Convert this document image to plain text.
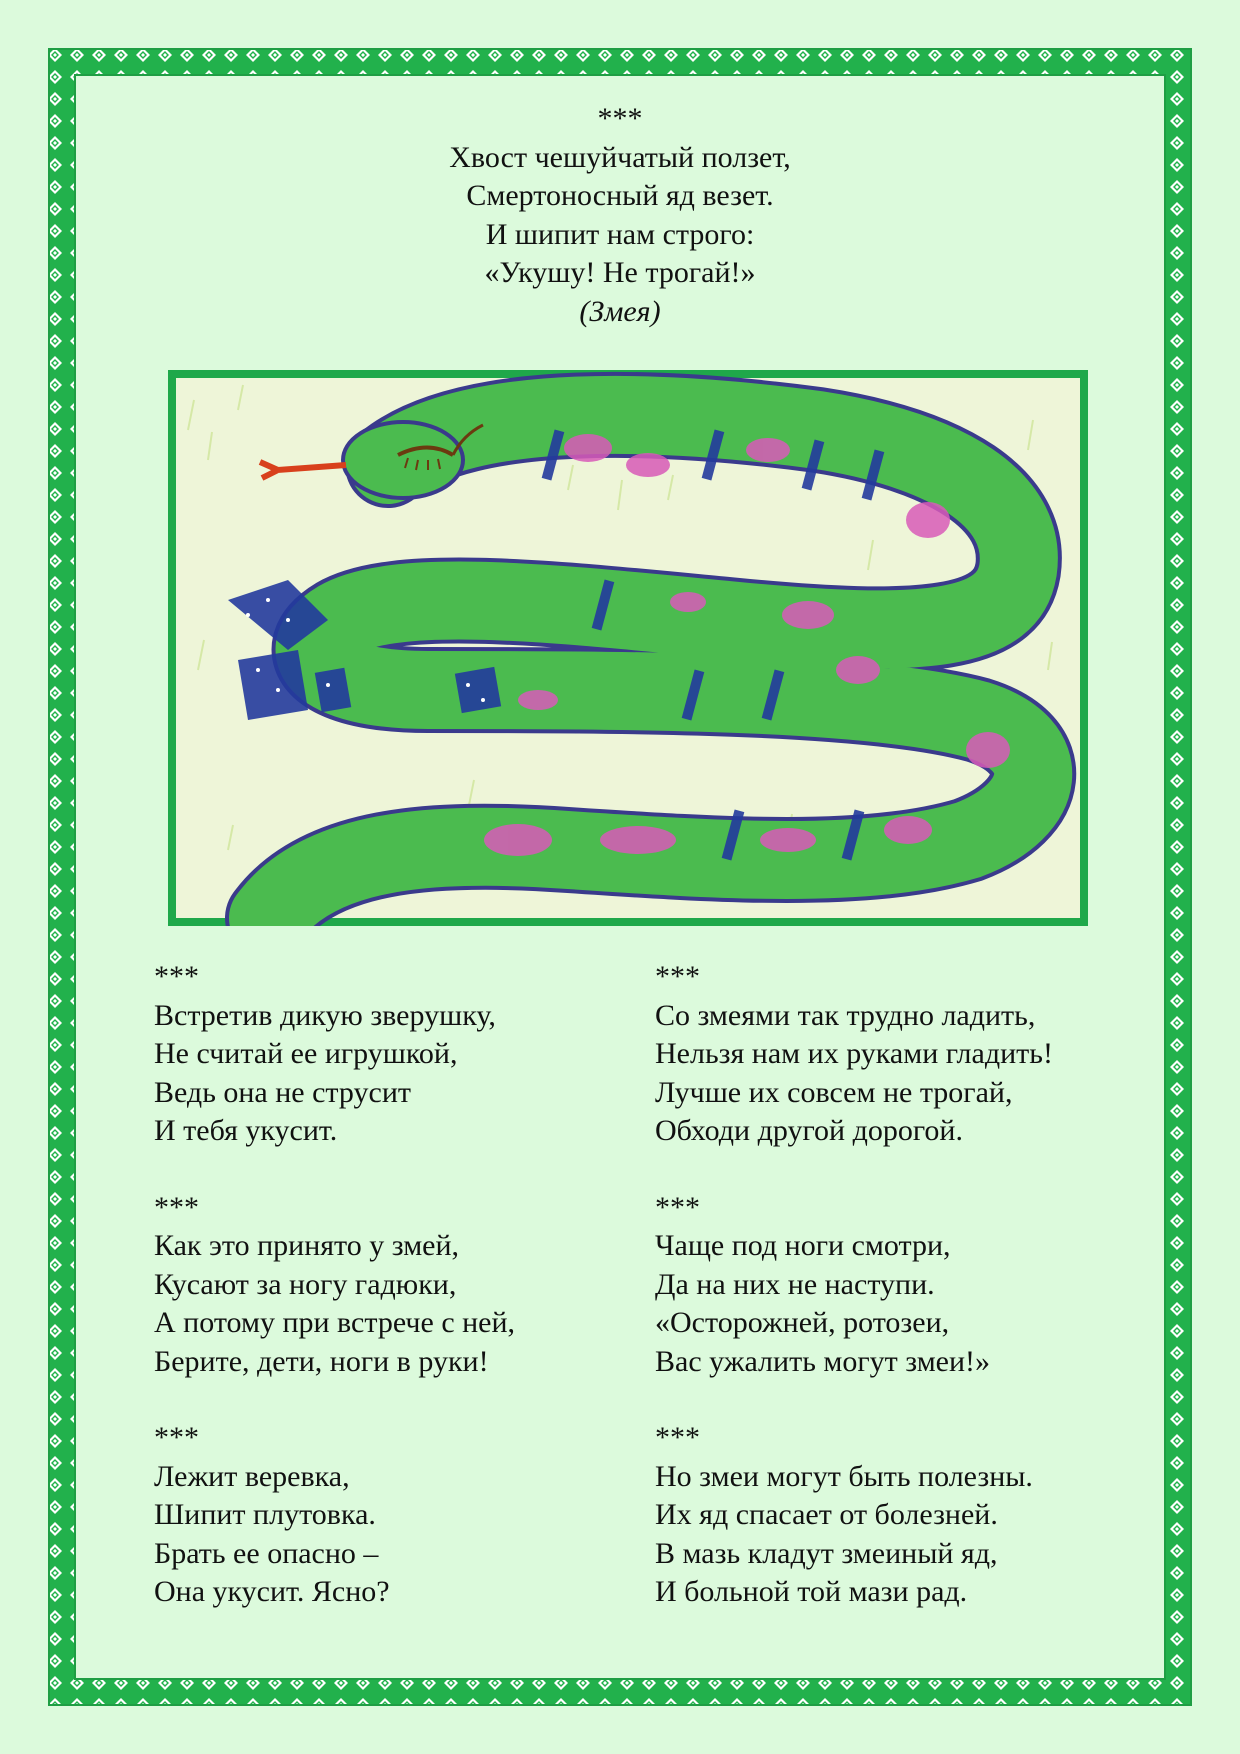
***
Хвост чешуйчатый ползет,
Смертоносный яд везет.
И шипит нам строго:
«Укушу! Не трогай!»
(Змея)
***
Встретив дикую зверушку,
Не считай ее игрушкой,
Ведь она не струсит
И тебя укусит.
***
Как это принято у змей,
Кусают за ногу гадюки,
А потому при встрече с ней,
Берите, дети, ноги в руки!
***
Лежит веревка,
Шипит плутовка.
Брать ее опасно –
Она укусит. Ясно?
***
Со змеями так трудно ладить,
Нельзя нам их руками гладить!
Лучше их совсем не трогай,
Обходи другой дорогой.
***
Чаще под ноги смотри,
Да на них не наступи.
«Осторожней, ротозеи,
Вас ужалить могут змеи!»
***
Но змеи могут быть полезны.
Их яд спасает от болезней.
В мазь кладут змеиный яд,
И больной той мази рад.
